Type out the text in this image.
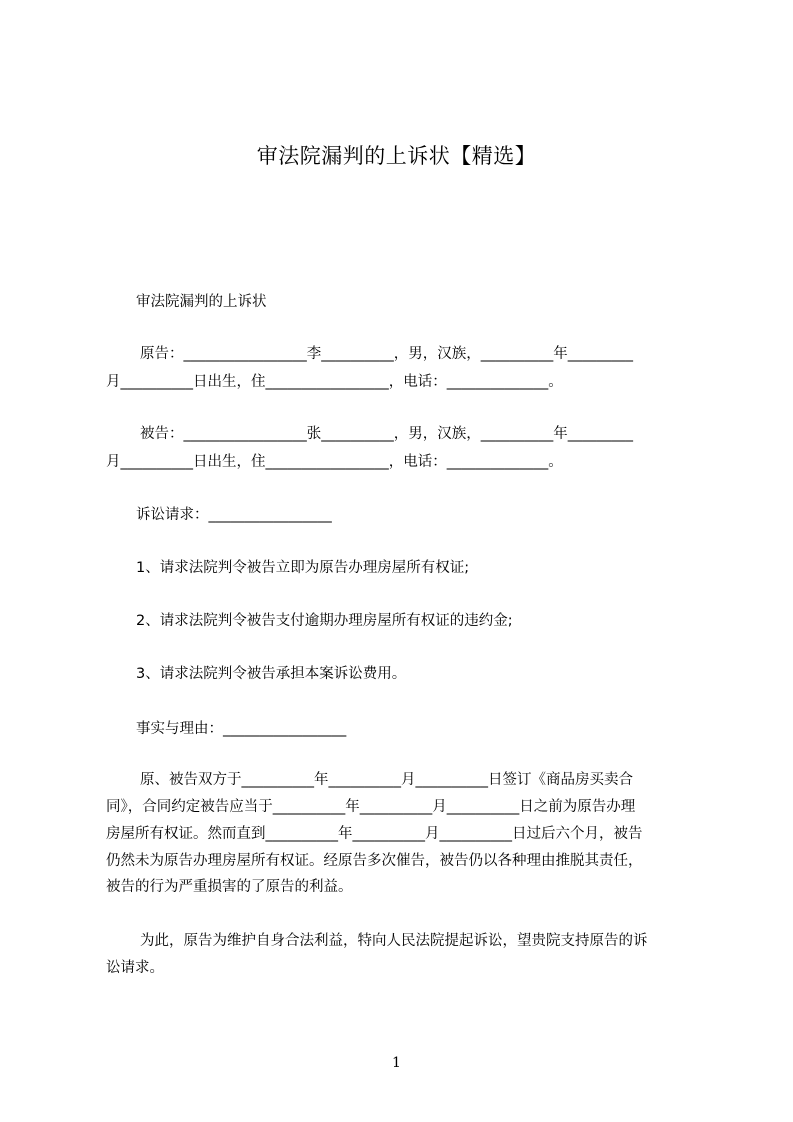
审法院漏判的上诉状【精选】
审法院漏判的上诉状
原告：_________________李__________，男，汉族，__________年_________
月__________日出生，住_________________，电话：______________。
被告：_________________张__________，男，汉族，__________年_________
月__________日出生，住_________________，电话：______________。
诉讼请求：_________________
1、请求法院判令被告立即为原告办理房屋所有权证;
2、请求法院判令被告支付逾期办理房屋所有权证的违约金;
3、请求法院判令被告承担本案诉讼费用。
事实与理由：_________________
原、被告双方于__________年__________月__________日签订《商品房买卖合
同》，合同约定被告应当于__________年__________月__________日之前为原告办理
房屋所有权证。然而直到__________年__________月__________日过后六个月，被告
仍然未为原告办理房屋所有权证。经原告多次催告，被告仍以各种理由推脱其责任，
被告的行为严重损害的了原告的利益。
为此，原告为维护自身合法利益，特向人民法院提起诉讼，望贵院支持原告的诉
讼请求。
1
